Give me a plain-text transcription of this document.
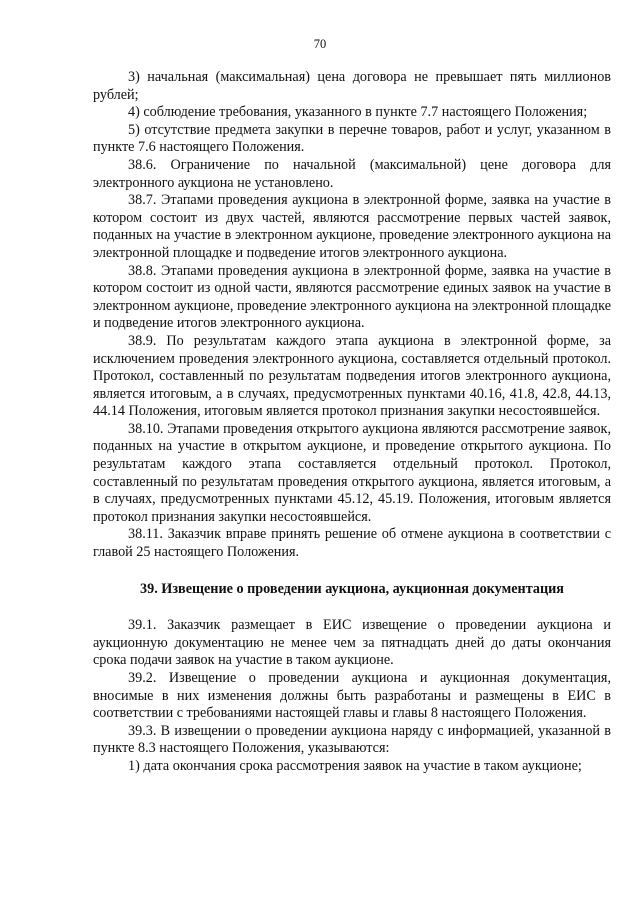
70

3) начальная (максимальная) цена договора не превышает пять миллионов рублей;

4) соблюдение требования, указанного в пункте 7.7 настоящего Положения;

5) отсутствие предмета закупки в перечне товаров, работ и услуг, указанном в пункте 7.6 настоящего Положения.

38.6. Ограничение по начальной (максимальной) цене договора для электронного аукциона не установлено.

38.7. Этапами проведения аукциона в электронной форме, заявка на участие в котором состоит из двух частей, являются рассмотрение первых частей заявок, поданных на участие в электронном аукционе, проведение электронного аукциона на электронной площадке и подведение итогов электронного аукциона.

38.8. Этапами проведения аукциона в электронной форме, заявка на участие в котором состоит из одной части, являются рассмотрение единых заявок на участие в электронном аукционе, проведение электронного аукциона на электронной площадке и подведение итогов электронного аукциона.

38.9. По результатам каждого этапа аукциона в электронной форме, за исключением проведения электронного аукциона, составляется отдельный протокол. Протокол, составленный по результатам подведения итогов электронного аукциона, является итоговым, а в случаях, предусмотренных пунктами 40.16, 41.8, 42.8, 44.13, 44.14 Положения, итоговым является протокол признания закупки несостоявшейся.

38.10. Этапами проведения открытого аукциона являются рассмотрение заявок, поданных на участие в открытом аукционе, и проведение открытого аукциона. По результатам каждого этапа составляется отдельный протокол. Протокол, составленный по результатам проведения открытого аукциона, является итоговым, а в случаях, предусмотренных пунктами 45.12, 45.19. Положения, итоговым является протокол признания закупки несостоявшейся.

38.11. Заказчик вправе принять решение об отмене аукциона в соответствии с главой 25 настоящего Положения.

39. Извещение о проведении аукциона, аукционная документация

39.1. Заказчик размещает в ЕИС извещение о проведении аукциона и аукционную документацию не менее чем за пятнадцать дней до даты окончания срока подачи заявок на участие в таком аукционе.

39.2. Извещение о проведении аукциона и аукционная документация, вносимые в них изменения должны быть разработаны и размещены в ЕИС в соответствии с требованиями настоящей главы и главы 8 настоящего Положения.

39.3. В извещении о проведении аукциона наряду с информацией, указанной в пункте 8.3 настоящего Положения, указываются:

1) дата окончания срока рассмотрения заявок на участие в таком аукционе;
